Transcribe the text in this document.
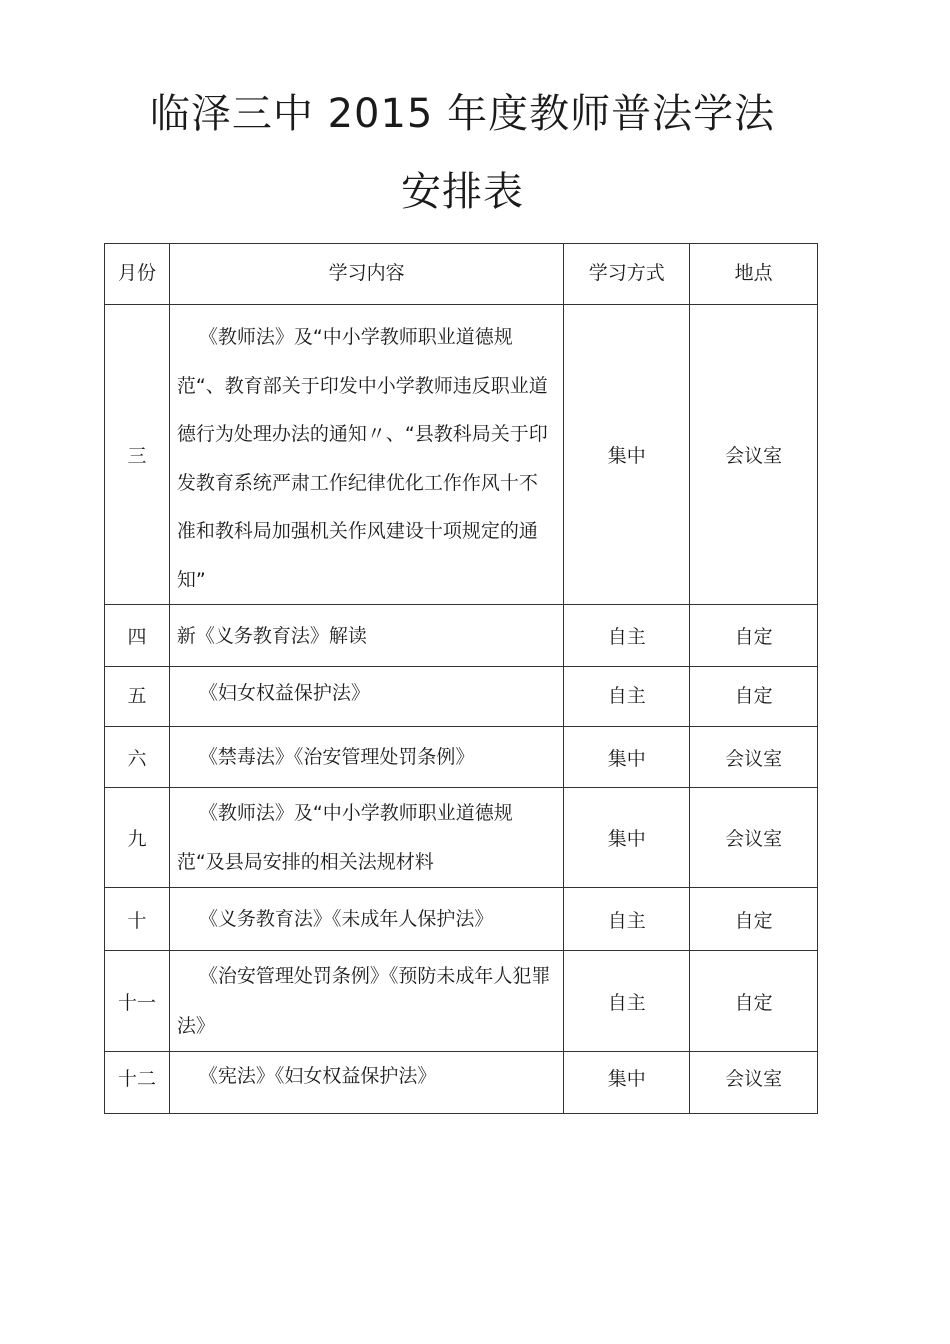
临泽三中 2015 年度教师普法学法
安排表
月份	学习内容	学习方式	地点
三	《教师法》及“中小学教师职业道德规范“、教育部关于印发中小学教师违反职业道德行为处理办法的通知〃、“县教科局关于印发教育系统严肃工作纪律优化工作作风十不准和教科局加强机关作风建设十项规定的通知”	集中	会议室
四	新《义务教育法》解读	自主	自定
五	《妇女权益保护法》	自主	自定
六	《禁毒法》《治安管理处罚条例》	集中	会议室
九	《教师法》及“中小学教师职业道德规范“及县局安排的相关法规材料	集中	会议室
十	《义务教育法》《未成年人保护法》	自主	自定
十一	《治安管理处罚条例》《预防未成年人犯罪法》	自主	自定
十二	《宪法》《妇女权益保护法》	集中	会议室
